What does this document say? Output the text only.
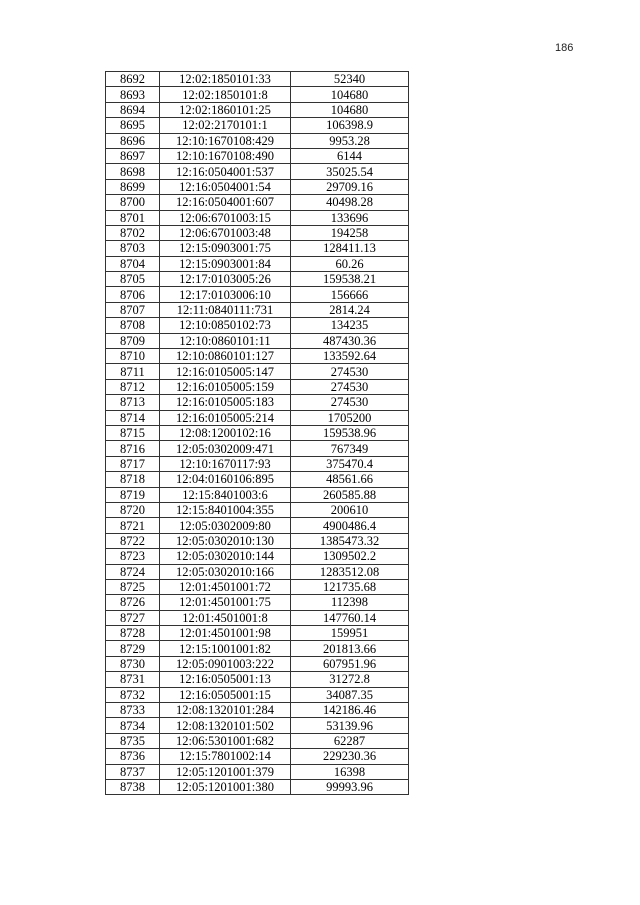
186
8692	12:02:1850101:33	52340
8693	12:02:1850101:8	104680
8694	12:02:1860101:25	104680
8695	12:02:2170101:1	106398.9
8696	12:10:1670108:429	9953.28
8697	12:10:1670108:490	6144
8698	12:16:0504001:537	35025.54
8699	12:16:0504001:54	29709.16
8700	12:16:0504001:607	40498.28
8701	12:06:6701003:15	133696
8702	12:06:6701003:48	194258
8703	12:15:0903001:75	128411.13
8704	12:15:0903001:84	60.26
8705	12:17:0103005:26	159538.21
8706	12:17:0103006:10	156666
8707	12:11:0840111:731	2814.24
8708	12:10:0850102:73	134235
8709	12:10:0860101:11	487430.36
8710	12:10:0860101:127	133592.64
8711	12:16:0105005:147	274530
8712	12:16:0105005:159	274530
8713	12:16:0105005:183	274530
8714	12:16:0105005:214	1705200
8715	12:08:1200102:16	159538.96
8716	12:05:0302009:471	767349
8717	12:10:1670117:93	375470.4
8718	12:04:0160106:895	48561.66
8719	12:15:8401003:6	260585.88
8720	12:15:8401004:355	200610
8721	12:05:0302009:80	4900486.4
8722	12:05:0302010:130	1385473.32
8723	12:05:0302010:144	1309502.2
8724	12:05:0302010:166	1283512.08
8725	12:01:4501001:72	121735.68
8726	12:01:4501001:75	112398
8727	12:01:4501001:8	147760.14
8728	12:01:4501001:98	159951
8729	12:15:1001001:82	201813.66
8730	12:05:0901003:222	607951.96
8731	12:16:0505001:13	31272.8
8732	12:16:0505001:15	34087.35
8733	12:08:1320101:284	142186.46
8734	12:08:1320101:502	53139.96
8735	12:06:5301001:682	62287
8736	12:15:7801002:14	229230.36
8737	12:05:1201001:379	16398
8738	12:05:1201001:380	99993.96
